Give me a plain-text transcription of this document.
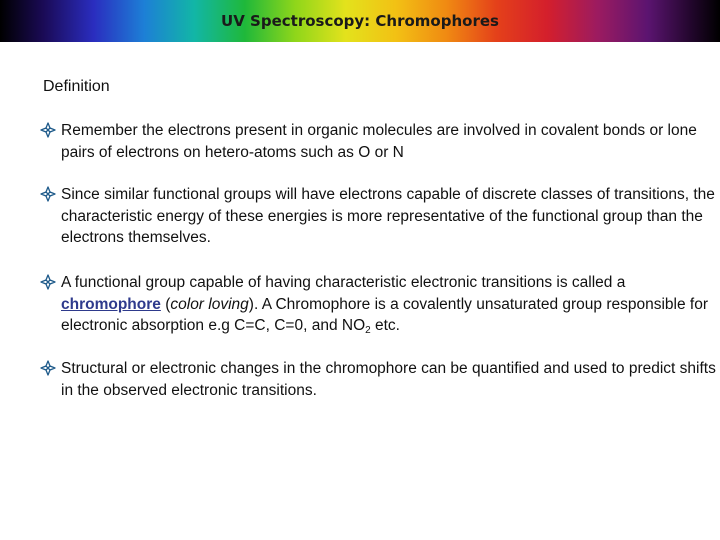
UV Spectroscopy: Chromophores
Definition
Remember the electrons present in organic molecules are involved in covalent bonds or lone pairs of electrons on hetero-atoms such as O or N
Since similar functional groups will have electrons capable of discrete classes of transitions, the characteristic energy of these energies is more representative of the functional group than the electrons themselves.
A functional group capable of having characteristic electronic transitions is called a chromophore (color loving). A Chromophore is a covalently unsaturated group responsible for electronic absorption e.g C=C, C=0, and $NO_2$ etc.
Structural or electronic changes in the chromophore can be quantified and used to predict shifts in the observed electronic transitions.
